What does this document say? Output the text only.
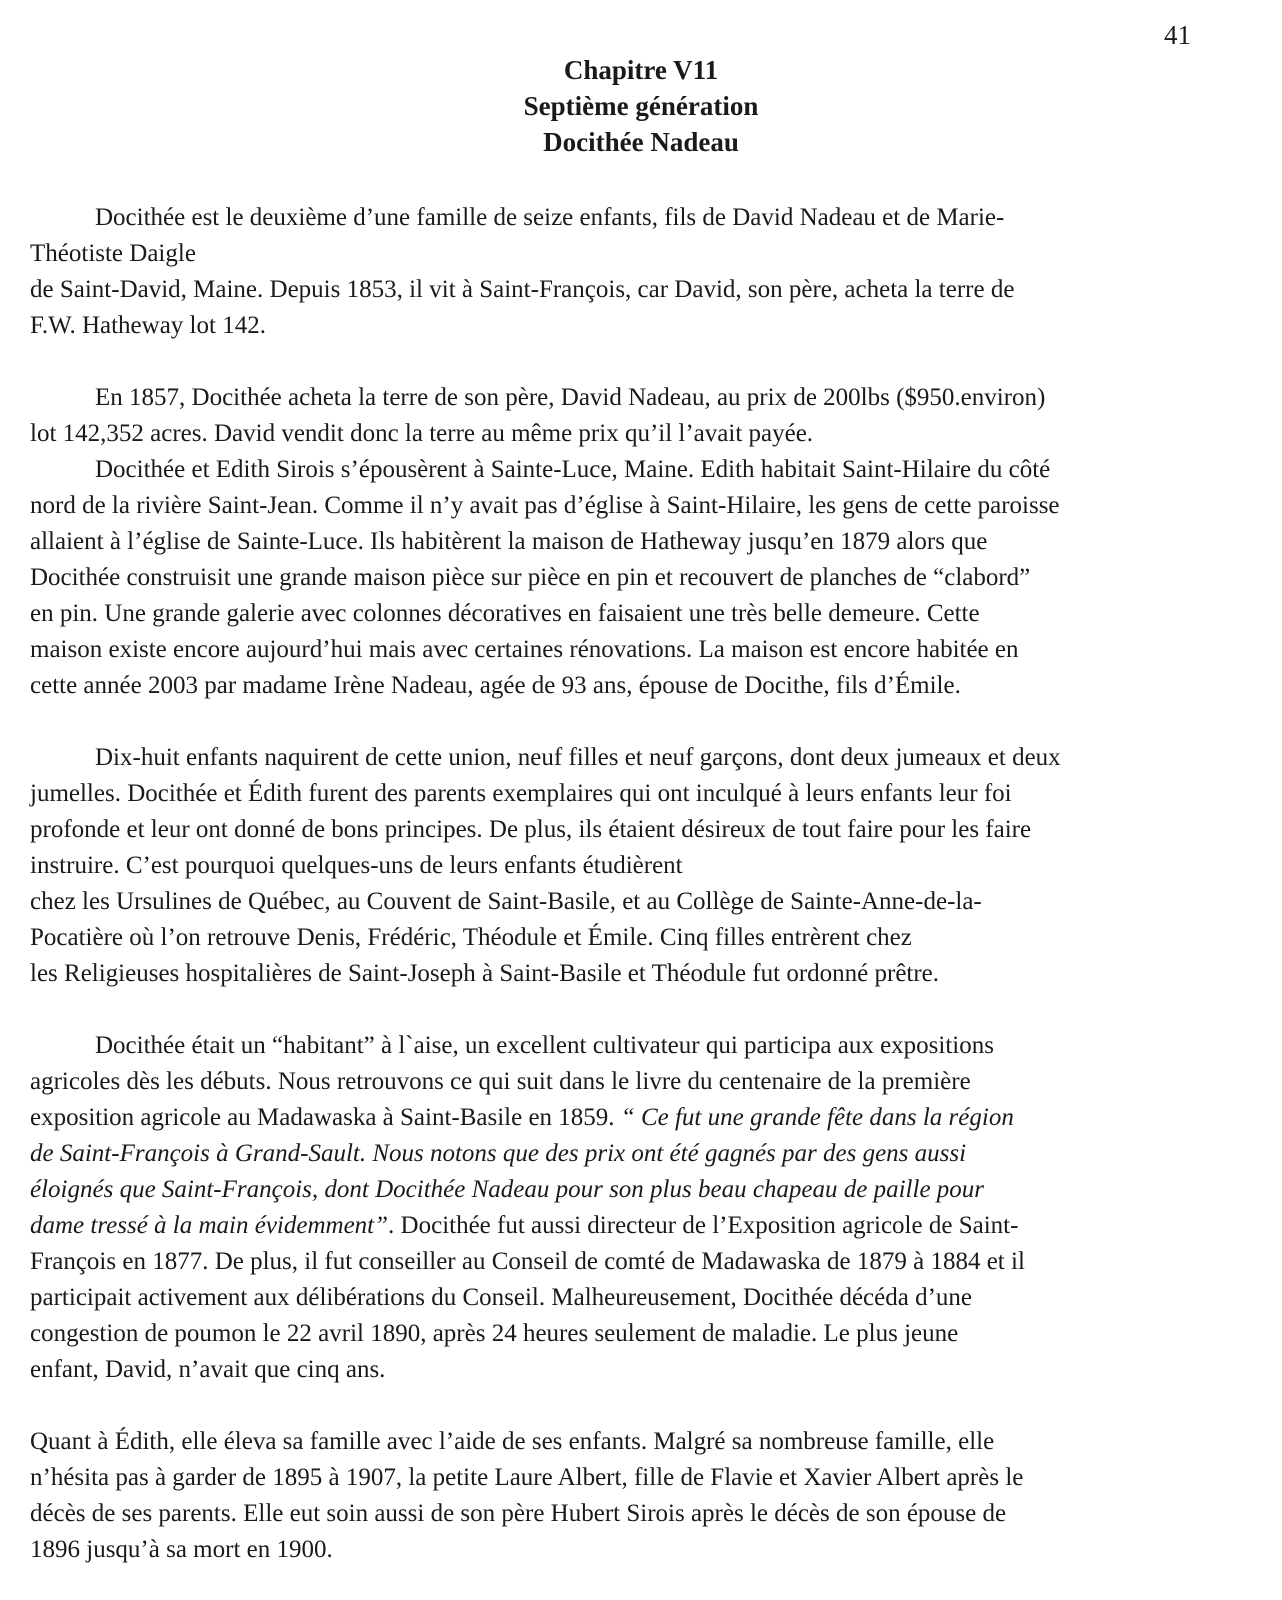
41
Chapitre V11
Septième génération
Docithée Nadeau
Docithée est le deuxième d’une famille de seize enfants, fils de David Nadeau et de Marie-
Théotiste Daigle
de Saint-David, Maine. Depuis 1853, il vit à Saint-François, car David, son père, acheta la terre de
F.W. Hatheway lot 142.
En 1857, Docithée acheta la terre de son père, David Nadeau, au prix de 200lbs ($950.environ)
lot 142,352 acres. David vendit donc la terre au même prix qu’il l’avait payée.
Docithée et Edith Sirois s’épousèrent à Sainte-Luce, Maine. Edith habitait Saint-Hilaire du côté
nord de la rivière Saint-Jean. Comme il n’y avait pas d’église à Saint-Hilaire, les gens de cette paroisse
allaient à l’église de Sainte-Luce. Ils habitèrent la maison de Hatheway jusqu’en 1879 alors que
Docithée construisit une grande maison pièce sur pièce en pin et recouvert de planches de “clabord”
en pin. Une grande galerie avec colonnes décoratives en faisaient une très belle demeure. Cette
maison existe encore aujourd’hui mais avec certaines rénovations. La maison est encore habitée en
cette année 2003 par madame Irène Nadeau, agée de 93 ans, épouse de Docithe, fils d’Émile.
Dix-huit enfants naquirent de cette union, neuf filles et neuf garçons, dont deux jumeaux et deux
jumelles. Docithée et Édith furent des parents exemplaires qui ont inculqué à leurs enfants leur foi
profonde et leur ont donné de bons principes. De plus, ils étaient désireux de tout faire pour les faire
instruire. C’est pourquoi quelques-uns de leurs enfants étudièrent
chez les Ursulines de Québec, au Couvent de Saint-Basile, et au Collège de Sainte-Anne-de-la-
Pocatière où l’on retrouve Denis, Frédéric, Théodule et Émile. Cinq filles entrèrent chez
les Religieuses hospitalières de Saint-Joseph à Saint-Basile et Théodule fut ordonné prêtre.
Docithée était un “habitant” à l`aise, un excellent cultivateur qui participa aux expositions
agricoles dès les débuts. Nous retrouvons ce qui suit dans le livre du centenaire de la première
exposition agricole au Madawaska à Saint-Basile en 1859. “ Ce fut une grande fête dans la région
de Saint-François à Grand-Sault. Nous notons que des prix ont été gagnés par des gens aussi
éloignés que Saint-François, dont Docithée Nadeau pour son plus beau chapeau de paille pour
dame tressé à la main évidemment”. Docithée fut aussi directeur de l’Exposition agricole de Saint-
François en 1877. De plus, il fut conseiller au Conseil de comté de Madawaska de 1879 à 1884 et il
participait activement aux délibérations du Conseil. Malheureusement, Docithée décéda d’une
congestion de poumon le 22 avril 1890, après 24 heures seulement de maladie. Le plus jeune
enfant, David, n’avait que cinq ans.
Quant à Édith, elle éleva sa famille avec l’aide de ses enfants. Malgré sa nombreuse famille, elle
n’hésita pas à garder de 1895 à 1907, la petite Laure Albert, fille de Flavie et Xavier Albert après le
décès de ses parents. Elle eut soin aussi de son père Hubert Sirois après le décès de son épouse de
1896 jusqu’à sa mort en 1900.
